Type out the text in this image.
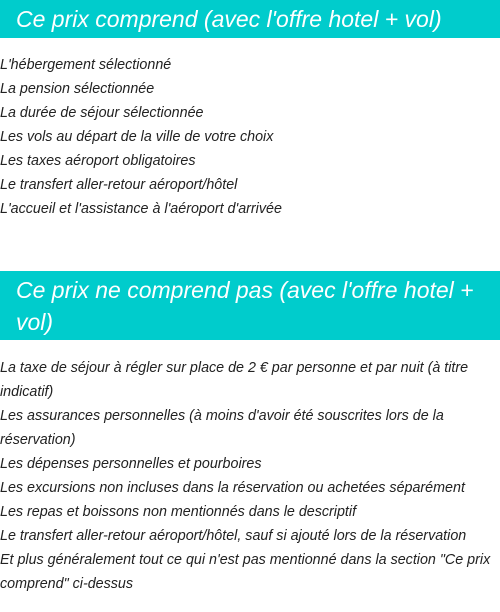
Ce prix comprend (avec l'offre hotel + vol)
L'hébergement sélectionné
La pension sélectionnée
La durée de séjour sélectionnée
Les vols au départ de la ville de votre choix
Les taxes aéroport obligatoires
Le transfert aller-retour aéroport/hôtel
L'accueil et l'assistance à l'aéroport d'arrivée
Ce prix ne comprend pas (avec l'offre hotel + vol)
La taxe de séjour à régler sur place de 2 € par personne et par nuit (à titre indicatif)
Les assurances personnelles (à moins d'avoir été souscrites lors de la réservation)
Les dépenses personnelles et pourboires
Les excursions non incluses dans la réservation ou achetées séparément
Les repas et boissons non mentionnés dans le descriptif
Le transfert aller-retour aéroport/hôtel, sauf si ajouté lors de la réservation
Et plus généralement tout ce qui n'est pas mentionné dans la section "Ce prix comprend" ci-dessus
